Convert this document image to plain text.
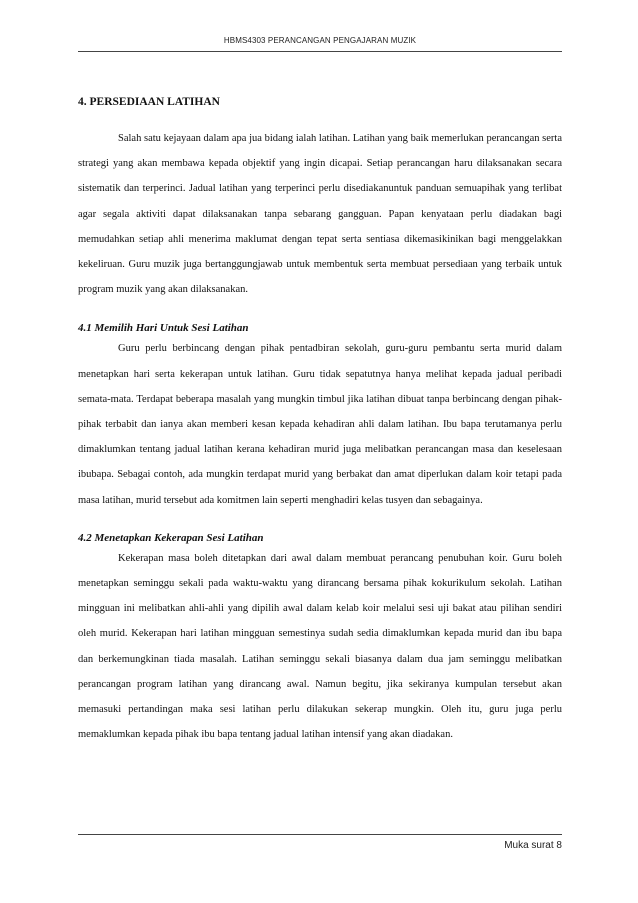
HBMS4303 PERANCANGAN PENGAJARAN MUZIK
4. PERSEDIAAN LATIHAN

Salah satu kejayaan dalam apa jua bidang ialah latihan. Latihan yang baik memerlukan perancangan serta strategi yang akan membawa kepada objektif yang ingin dicapai. Setiap perancangan haru dilaksanakan secara sistematik dan terperinci. Jadual latihan yang terperinci perlu disediakanuntuk panduan semuapihak yang terlibat agar segala aktiviti dapat dilaksanakan tanpa sebarang gangguan. Papan kenyataan perlu diadakan bagi memudahkan setiap ahli menerima maklumat dengan tepat serta sentiasa dikemasikinikan bagi menggelakkan kekeliruan. Guru muzik juga bertanggungjawab untuk membentuk serta membuat persediaan yang terbaik untuk program muzik yang akan dilaksanakan.

4.1 Memilih Hari Untuk Sesi Latihan

Guru perlu berbincang dengan pihak pentadbiran sekolah, guru-guru pembantu serta murid dalam menetapkan hari serta kekerapan untuk latihan. Guru tidak sepatutnya hanya melihat kepada jadual peribadi semata-mata. Terdapat beberapa masalah yang mungkin timbul jika latihan dibuat tanpa berbincang dengan pihak-pihak terbabit dan ianya akan memberi kesan kepada kehadiran ahli dalam latihan. Ibu bapa terutamanya perlu dimaklumkan tentang jadual latihan kerana kehadiran murid juga melibatkan perancangan masa dan keselesaan ibubapa. Sebagai contoh, ada mungkin terdapat murid yang berbakat dan amat diperlukan dalam koir tetapi pada masa latihan, murid tersebut ada komitmen lain seperti menghadiri kelas tusyen dan sebagainya.

4.2 Menetapkan Kekerapan Sesi Latihan

Kekerapan masa boleh ditetapkan dari awal dalam membuat perancang penubuhan koir. Guru boleh menetapkan seminggu sekali pada waktu-waktu yang dirancang bersama pihak kokurikulum sekolah. Latihan mingguan ini melibatkan ahli-ahli yang dipilih awal dalam kelab koir melalui sesi uji bakat atau pilihan sendiri oleh murid. Kekerapan hari latihan mingguan semestinya sudah sedia dimaklumkan kepada murid dan ibu bapa dan berkemungkinan tiada masalah. Latihan seminggu sekali biasanya dalam dua jam seminggu melibatkan perancangan program latihan yang dirancang awal. Namun begitu, jika sekiranya kumpulan tersebut akan memasuki pertandingan maka sesi latihan perlu dilakukan sekerap mungkin. Oleh itu, guru juga perlu memaklumkan kepada pihak ibu bapa tentang jadual latihan intensif yang akan diadakan.

Muka surat 8
